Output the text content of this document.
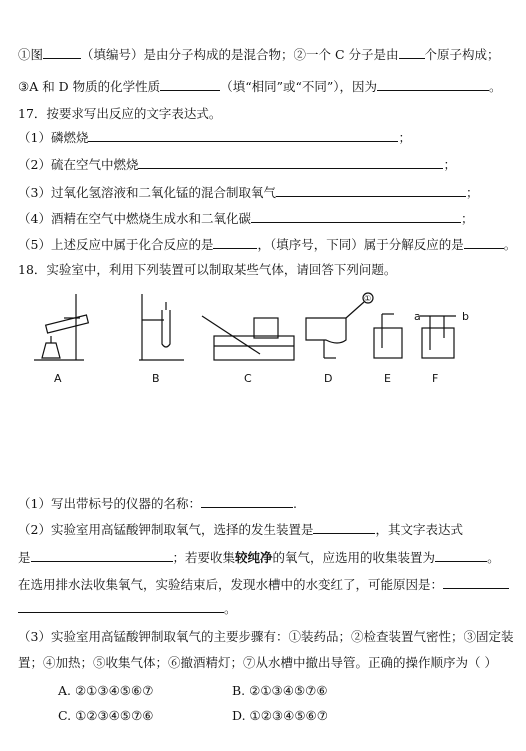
①图	（填编号）是由分子构成的是混合物；②一个 C 分子是由 个原子构成；
③A 和 D 物质的化学性质	（填“相同”或“不同”），因为	。
17．按要求写出反应的文字表达式。
（1）磷燃烧	；
（2）硫在空气中燃烧	；
（3）过氧化氢溶液和二氧化锰的混合制取氧气	；
（4）酒精在空气中燃烧生成水和二氧化碳	；
（5）上述反应中属于化合反应的是	，（填序号，下同）属于分解反应的是	。
18．实验室中，利用下列装置可以制取某些气体，请回答下列问题。
①
a	b
A	B	C	D	E	F
（1）写出带标号的仪器的名称：	.
（2）实验室用高锰酸钾制取氧气，选择的发生装置是	，其文字表达式
是	；若要收集较纯净的氧气，应选用的收集装置为	。
在选用排水法收集氧气，实验结束后，发现水槽中的水变红了，可能原因是：
。
（3）实验室用高锰酸钾制取氧气的主要步骤有：①装药品；②检查装置气密性；③固定装
置；④加热；⑤收集气体；⑥撤酒精灯；⑦从水槽中撤出导管。正确的操作顺序为（ ）
A. ②①③④⑤⑥⑦	B. ②①③④⑤⑦⑥
C. ①②③④⑤⑦⑥	D. ①②③④⑤⑥⑦
